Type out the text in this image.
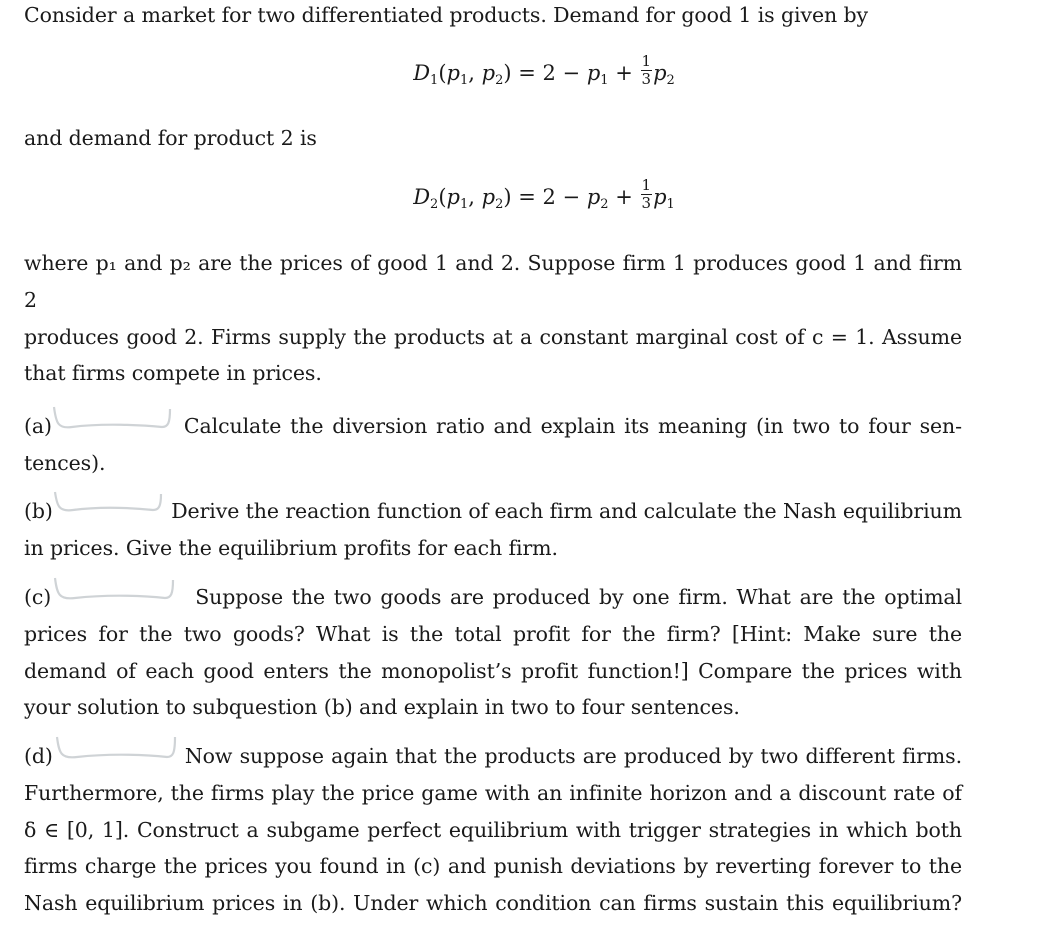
Consider a market for two differentiated products. Demand for good 1 is given by

$D_1(p_1$, $p_2) = 2 - p_1 + \frac{1}{3} p_2$

and demand for product 2 is

$D_2(p_1$, $p_2) = 2 - p_2 + \frac{1}{3} p_1$

where p₁ and p₂ are the prices of good 1 and 2. Suppose firm 1 produces good 1 and firm 2
produces good 2. Firms supply the products at a constant marginal cost of c = 1. Assume
that firms compete in prices.

(a)	Calculate the diversion ratio and explain its meaning (in two to four sen-
tences).

(b)	Derive the reaction function of each firm and calculate the Nash equilibrium
in prices. Give the equilibrium profits for each firm.

(c)	Suppose the two goods are produced by one firm. What are the optimal
prices for the two goods? What is the total profit for the firm? [Hint: Make sure the
demand of each good enters the monopolist’s profit function!] Compare the prices with
your solution to subquestion (b) and explain in two to four sentences.

(d)	Now suppose again that the products are produced by two different firms.
Furthermore, the firms play the price game with an infinite horizon and a discount rate of
δ ∈ [0, 1]. Construct a subgame perfect equilibrium with trigger strategies in which both
firms charge the prices you found in (c) and punish deviations by reverting forever to the
Nash equilibrium prices in (b). Under which condition can firms sustain this equilibrium?
